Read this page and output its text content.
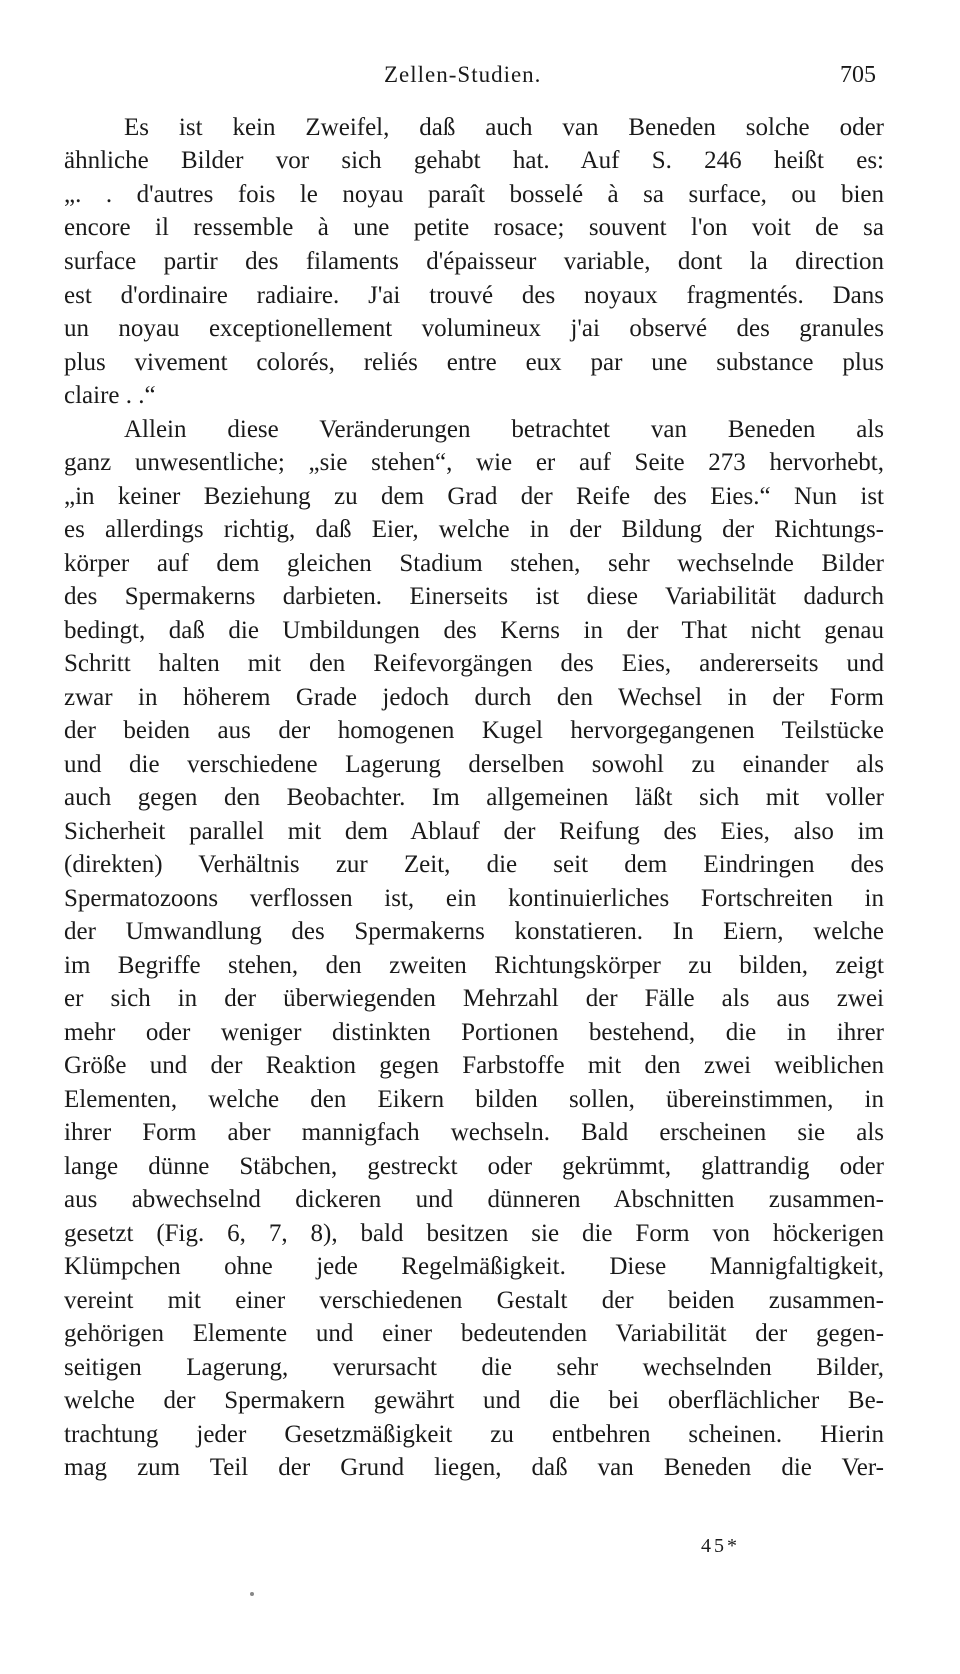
Zellen-Studien.	705
Es ist kein Zweifel, daß auch van Beneden solche oder
ähnliche Bilder vor sich gehabt hat. Auf S. 246 heißt es:
„. . d'autres fois le noyau paraît bosselé à sa surface, ou bien
encore il ressemble à une petite rosace; souvent l'on voit de sa
surface partir des filaments d'épaisseur variable, dont la direction
est d'ordinaire radiaire. J'ai trouvé des noyaux fragmentés. Dans
un noyau exceptionellement volumineux j'ai observé des granules
plus vivement colorés, reliés entre eux par une substance plus
claire . .“
Allein diese Veränderungen betrachtet van Beneden als
ganz unwesentliche; „sie stehen“, wie er auf Seite 273 hervorhebt,
„in keiner Beziehung zu dem Grad der Reife des Eies.“ Nun ist
es allerdings richtig, daß Eier, welche in der Bildung der Richtungs-
körper auf dem gleichen Stadium stehen, sehr wechselnde Bilder
des Spermakerns darbieten. Einerseits ist diese Variabilität dadurch
bedingt, daß die Umbildungen des Kerns in der That nicht genau
Schritt halten mit den Reifevorgängen des Eies, andererseits und
zwar in höherem Grade jedoch durch den Wechsel in der Form
der beiden aus der homogenen Kugel hervorgegangenen Teilstücke
und die verschiedene Lagerung derselben sowohl zu einander als
auch gegen den Beobachter. Im allgemeinen läßt sich mit voller
Sicherheit parallel mit dem Ablauf der Reifung des Eies, also im
(direkten) Verhältnis zur Zeit, die seit dem Eindringen des
Spermatozoons verflossen ist, ein kontinuierliches Fortschreiten in
der Umwandlung des Spermakerns konstatieren. In Eiern, welche
im Begriffe stehen, den zweiten Richtungskörper zu bilden, zeigt
er sich in der überwiegenden Mehrzahl der Fälle als aus zwei
mehr oder weniger distinkten Portionen bestehend, die in ihrer
Größe und der Reaktion gegen Farbstoffe mit den zwei weiblichen
Elementen, welche den Eikern bilden sollen, übereinstimmen, in
ihrer Form aber mannigfach wechseln. Bald erscheinen sie als
lange dünne Stäbchen, gestreckt oder gekrümmt, glattrandig oder
aus abwechselnd dickeren und dünneren Abschnitten zusammen-
gesetzt (Fig. 6, 7, 8), bald besitzen sie die Form von höckerigen
Klümpchen ohne jede Regelmäßigkeit. Diese Mannigfaltigkeit,
vereint mit einer verschiedenen Gestalt der beiden zusammen-
gehörigen Elemente und einer bedeutenden Variabilität der gegen-
seitigen Lagerung, verursacht die sehr wechselnden Bilder,
welche der Spermakern gewährt und die bei oberflächlicher Be-
trachtung jeder Gesetzmäßigkeit zu entbehren scheinen. Hierin
mag zum Teil der Grund liegen, daß van Beneden die Ver-
45*
